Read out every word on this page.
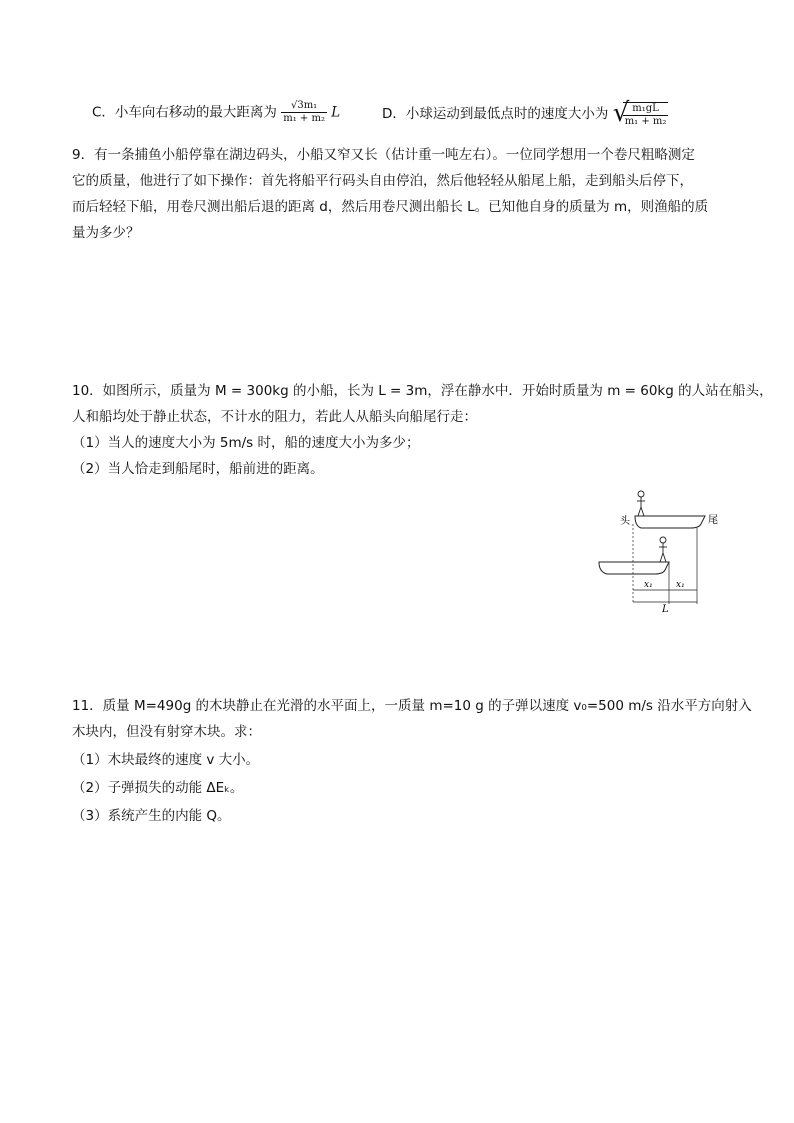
C．小车向右移动的最大距离为 $\frac{\text{√3m₁}}{\text{m₁ + m₂}}$ L	D．小球运动到最低点时的速度大小为 √
$\frac{\text{m₁gL}}{\text{m₁ + m₂}}$
9．有一条捕鱼小船停靠在湖边码头，小船又窄又长（估计重一吨左右）。一位同学想用一个卷尺粗略测定
它的质量，他进行了如下操作：首先将船平行码头自由停泊，然后他轻轻从船尾上船，走到船头后停下，
而后轻轻下船，用卷尺测出船后退的距离 d，然后用卷尺测出船长 L。已知他自身的质量为 m，则渔船的质
量为多少？
10．如图所示，质量为 M = 300kg 的小船，长为 L = 3m，浮在静水中．开始时质量为 m = 60kg 的人站在船头，
人和船均处于静止状态，不计水的阻力，若此人从船头向船尾行走：
（1）当人的速度大小为 5m/s 时，船的速度大小为多少；
（2）当人恰走到船尾时，船前进的距离。
头	尾
x₁	x₁
L
11．质量 M=490g 的木块静止在光滑的水平面上，一质量 m=10 g 的子弹以速度 v₀=500 m/s 沿水平方向射入
木块内，但没有射穿木块。求：
（1）木块最终的速度 v 大小。
（2）子弹损失的动能 ΔEₖ。
（3）系统产生的内能 Q。
